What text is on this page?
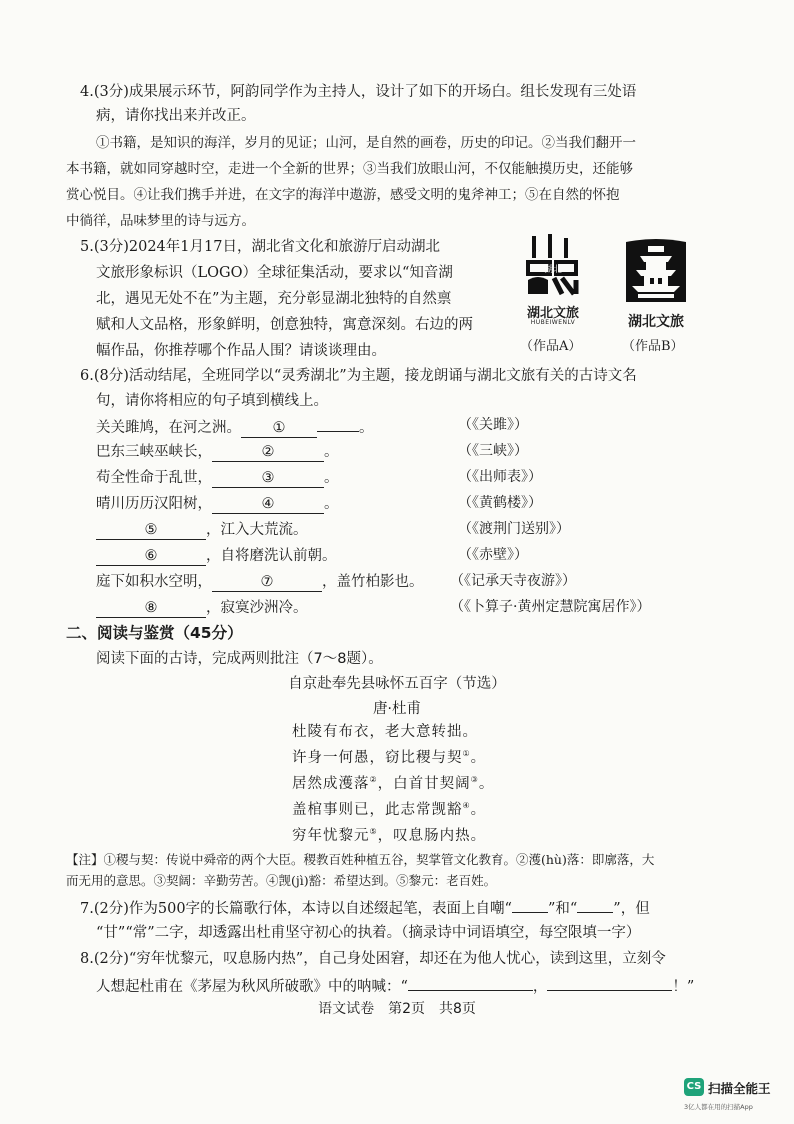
4.(3分)成果展示环节，阿韵同学作为主持人，设计了如下的开场白。组长发现有三处语
病，请你找出来并改正。
①书籍，是知识的海洋，岁月的见证；山河，是自然的画卷，历史的印记。②当我们翻开一
本书籍，就如同穿越时空，走进一个全新的世界；③当我们放眼山河，不仅能触摸历史，还能够
赏心悦目。④让我们携手并进，在文字的海洋中遨游，感受文明的鬼斧神工；⑤在自然的怀抱
中徜徉，品味梦里的诗与远方。
5.(3分)2024年1月17日，湖北省文化和旅游厅启动湖北
文旅形象标识（LOGO）全球征集活动，要求以“知音湖
北，遇见无处不在”为主题，充分彰显湖北独特的自然禀
赋和人文品格，形象鲜明，创意独特，寓意深刻。右边的两
幅作品，你推荐哪个作品人围？请谈谈理由。
湖北
湖北文旅
HUBEIWENLV
（作品A）
CHINA HUBEI CULTURAL TOURISM
湖北文旅
（作品B）
6.(8分)活动结尾，全班同学以“灵秀湖北”为主题，接龙朗诵与湖北文旅有关的古诗文名
句，请你将相应的句子填到横线上。
关关雎鸠，在河之洲。 ①	。	（《关雎》）
巴东三峡巫峡长，	②	。	（《三峡》）
苟全性命于乱世，	③	。	（《出师表》）
晴川历历汉阳树，	④	。	（《黄鹤楼》）
⑤	，江入大荒流。	（《渡荆门送别》）
⑥	，自将磨洗认前朝。	（《赤壁》）
庭下如积水空明，	⑦	，盖竹柏影也。 （《记承天寺夜游》）
⑧	，寂寞沙洲冷。	（《卜算子·黄州定慧院寓居作》）
二、阅读与鉴赏（45分）
阅读下面的古诗，完成两则批注（7～8题）。
自京赴奉先县咏怀五百字（节选）
唐·杜甫
杜陵有布衣，老大意转拙。
许身一何愚，窃比稷与契①。
居然成濩落②，白首甘契阔③。
盖棺事则已，此志常觊豁④。
穷年忧黎元⑤，叹息肠内热。
【注】①稷与契：传说中舜帝的两个大臣。稷教百姓种植五谷，契掌管文化教育。②濩(hù)落：即廓落，大
而无用的意思。③契阔：辛勤劳苦。④觊(jì)豁：希望达到。⑤黎元：老百姓。
7.(2分)作为500字的长篇歌行体，本诗以自述缀起笔，表面上自嘲“ ”和“ ”，但
“甘”“常”二字，却透露出杜甫坚守初心的执着。（摘录诗中词语填空，每空限填一字）
8.(2分)“穷年忧黎元，叹息肠内热”，自己身处困窘，却还在为他人忧心，读到这里，立刻令
人想起杜甫在《茅屋为秋风所破歌》中的呐喊：“	，	！”
语文试卷　第2页　共8页
CS 扫描全能王
3亿人都在用的扫描App
